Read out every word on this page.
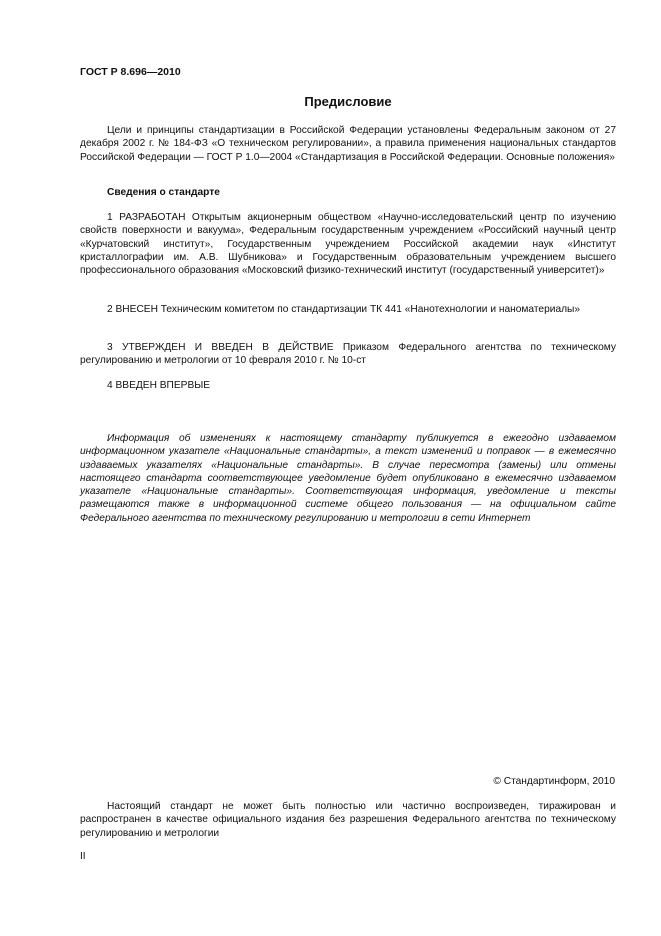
ГОСТ Р 8.696—2010
Предисловие
Цели и принципы стандартизации в Российской Федерации установлены Федеральным законом от 27 декабря 2002 г. № 184-ФЗ «О техническом регулировании», а правила применения национальных стандартов Российской Федерации — ГОСТ Р 1.0—2004 «Стандартизация в Российской Федерации. Основные положения»
Сведения о стандарте
1 РАЗРАБОТАН Открытым акционерным обществом «Научно-исследовательский центр по изучению свойств поверхности и вакуума», Федеральным государственным учреждением «Российский научный центр «Курчатовский институт», Государственным учреждением Российской академии наук «Институт кристаллографии им. А.В. Шубникова» и Государственным образовательным учреждением высшего профессионального образования «Московский физико-технический институт (государственный университет)»
2 ВНЕСЕН Техническим комитетом по стандартизации ТК 441 «Нанотехнологии и наноматериалы»
3 УТВЕРЖДЕН И ВВЕДЕН В ДЕЙСТВИЕ Приказом Федерального агентства по техническому регулированию и метрологии от 10 февраля 2010 г. № 10-ст
4 ВВЕДЕН ВПЕРВЫЕ
Информация об изменениях к настоящему стандарту публикуется в ежегодно издаваемом информационном указателе «Национальные стандарты», а текст изменений и поправок — в ежемесячно издаваемых указателях «Национальные стандарты». В случае пересмотра (замены) или отмены настоящего стандарта соответствующее уведомление будет опубликовано в ежемесячно издаваемом указателе «Национальные стандарты». Соответствующая информация, уведомление и тексты размещаются также в информационной системе общего пользования — на официальном сайте Федерального агентства по техническому регулированию и метрологии в сети Интернет
© Стандартинформ, 2010
Настоящий стандарт не может быть полностью или частично воспроизведен, тиражирован и распространен в качестве официального издания без разрешения Федерального агентства по техническому регулированию и метрологии
II
